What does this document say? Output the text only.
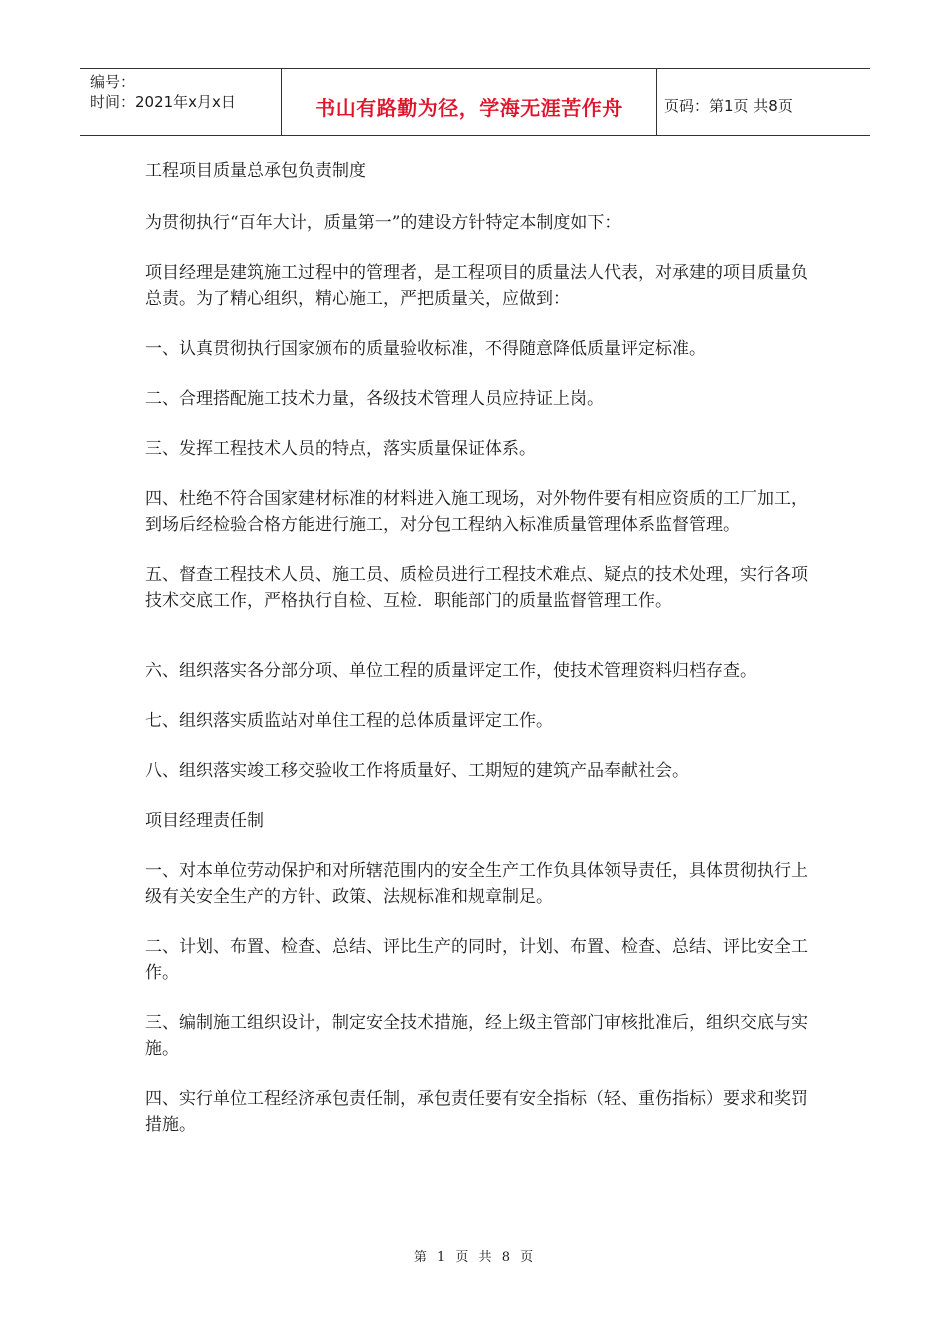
编号：
时间：2021年x月x日	书山有路勤为径，学海无涯苦作舟	页码：第1页 共8页

工程项目质量总承包负责制度

为贯彻执行“百年大计，质量第一”的建设方针特定本制度如下：

项目经理是建筑施工过程中的管理者，是工程项目的质量法人代表，对承建的项目质量负总责。为了精心组织，精心施工，严把质量关，应做到：

一、认真贯彻执行国家颁布的质量验收标准，不得随意降低质量评定标准。

二、合理搭配施工技术力量，各级技术管理人员应持证上岗。

三、发挥工程技术人员的特点，落实质量保证体系。

四、杜绝不符合国家建材标准的材料进入施工现场，对外物件要有相应资质的工厂加工，到场后经检验合格方能进行施工，对分包工程纳入标准质量管理体系监督管理。

五、督查工程技术人员、施工员、质检员进行工程技术难点、疑点的技术处理，实行各项技术交底工作，严格执行自检、互检．职能部门的质量监督管理工作。

六、组织落实各分部分项、单位工程的质量评定工作，使技术管理资料归档存查。

七、组织落实质监站对单住工程的总体质量评定工作。

八、组织落实竣工移交验收工作将质量好、工期短的建筑产品奉献社会。

项目经理责任制

一、对本单位劳动保护和对所辖范围内的安全生产工作负具体领导责任，具体贯彻执行上级有关安全生产的方针、政策、法规标准和规章制足。

二、计划、布置、检查、总结、评比生产的同时，计划、布置、检查、总结、评比安全工作。

三、编制施工组织设计，制定安全技术措施，经上级主管部门审核批准后，组织交底与实施。

四、实行单位工程经济承包责任制，承包责任要有安全指标（轻、重伤指标）要求和奖罚措施。

第 1 页 共 8 页
